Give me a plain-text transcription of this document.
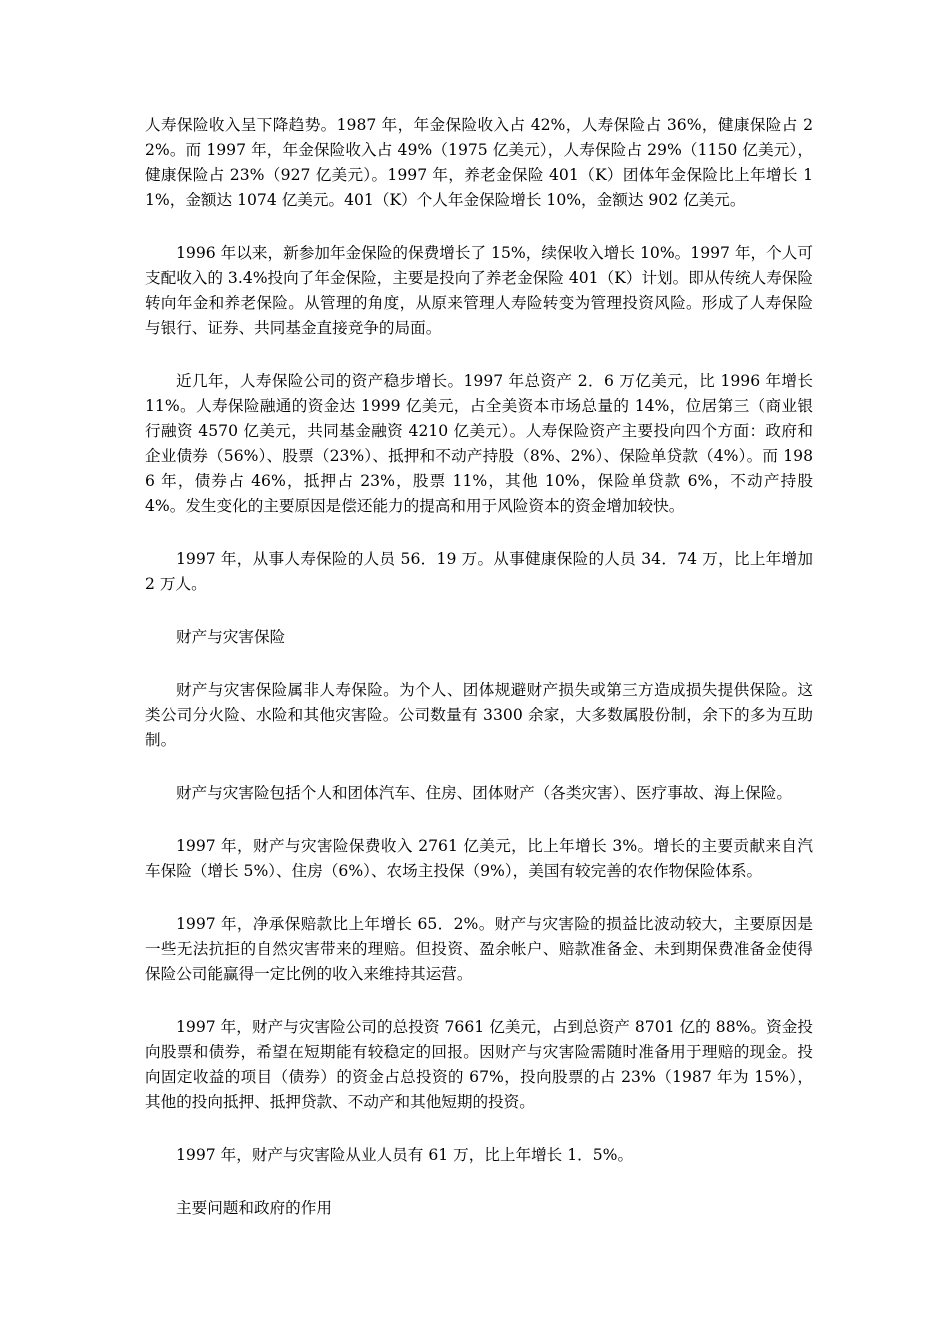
人寿保险收入呈下降趋势。1987 年，年金保险收入占 42%，人寿保险占 36%，健康保险占 22%。而 1997 年，年金保险收入占 49%（1975 亿美元），人寿保险占 29%（1150 亿美元），健康保险占 23%（927 亿美元）。1997 年，养老金保险 401（K）团体年金保险比上年增长 11%，金额达 1074 亿美元。401（K）个人年金保险增长 10%，金额达 902 亿美元。

1996 年以来，新参加年金保险的保费增长了 15%，续保收入增长 10%。1997 年，个人可支配收入的 3.4%投向了年金保险，主要是投向了养老金保险 401（K）计划。即从传统人寿保险转向年金和养老保险。从管理的角度，从原来管理人寿险转变为管理投资风险。形成了人寿保险与银行、证券、共同基金直接竞争的局面。

近几年，人寿保险公司的资产稳步增长。1997 年总资产 2．6 万亿美元，比 1996 年增长 11%。人寿保险融通的资金达 1999 亿美元，占全美资本市场总量的 14%，位居第三（商业银行融资 4570 亿美元，共同基金融资 4210 亿美元）。人寿保险资产主要投向四个方面：政府和企业债券（56%）、股票（23%）、抵押和不动产持股（8%、2%）、保险单贷款（4%）。而 1986 年，债券占 46%，抵押占 23%，股票 11%，其他 10%，保险单贷款 6%，不动产持股 4%。发生变化的主要原因是偿还能力的提高和用于风险资本的资金增加较快。

1997 年，从事人寿保险的人员 56．19 万。从事健康保险的人员 34．74 万，比上年增加 2 万人。

财产与灾害保险

财产与灾害保险属非人寿保险。为个人、团体规避财产损失或第三方造成损失提供保险。这类公司分火险、水险和其他灾害险。公司数量有 3300 余家，大多数属股份制，余下的多为互助制。

财产与灾害险包括个人和团体汽车、住房、团体财产（各类灾害）、医疗事故、海上保险。

1997 年，财产与灾害险保费收入 2761 亿美元，比上年增长 3%。增长的主要贡献来自汽车保险（增长 5%）、住房（6%）、农场主投保（9%），美国有较完善的农作物保险体系。

1997 年，净承保赔款比上年增长 65．2%。财产与灾害险的损益比波动较大，主要原因是一些无法抗拒的自然灾害带来的理赔。但投资、盈余帐户、赔款准备金、未到期保费准备金使得保险公司能赢得一定比例的收入来维持其运营。

1997 年，财产与灾害险公司的总投资 7661 亿美元，占到总资产 8701 亿的 88%。资金投向股票和债券，希望在短期能有较稳定的回报。因财产与灾害险需随时准备用于理赔的现金。投向固定收益的项目（债券）的资金占总投资的 67%，投向股票的占 23%（1987 年为 15%），其他的投向抵押、抵押贷款、不动产和其他短期的投资。

1997 年，财产与灾害险从业人员有 61 万，比上年增长 1．5%。

主要问题和政府的作用
